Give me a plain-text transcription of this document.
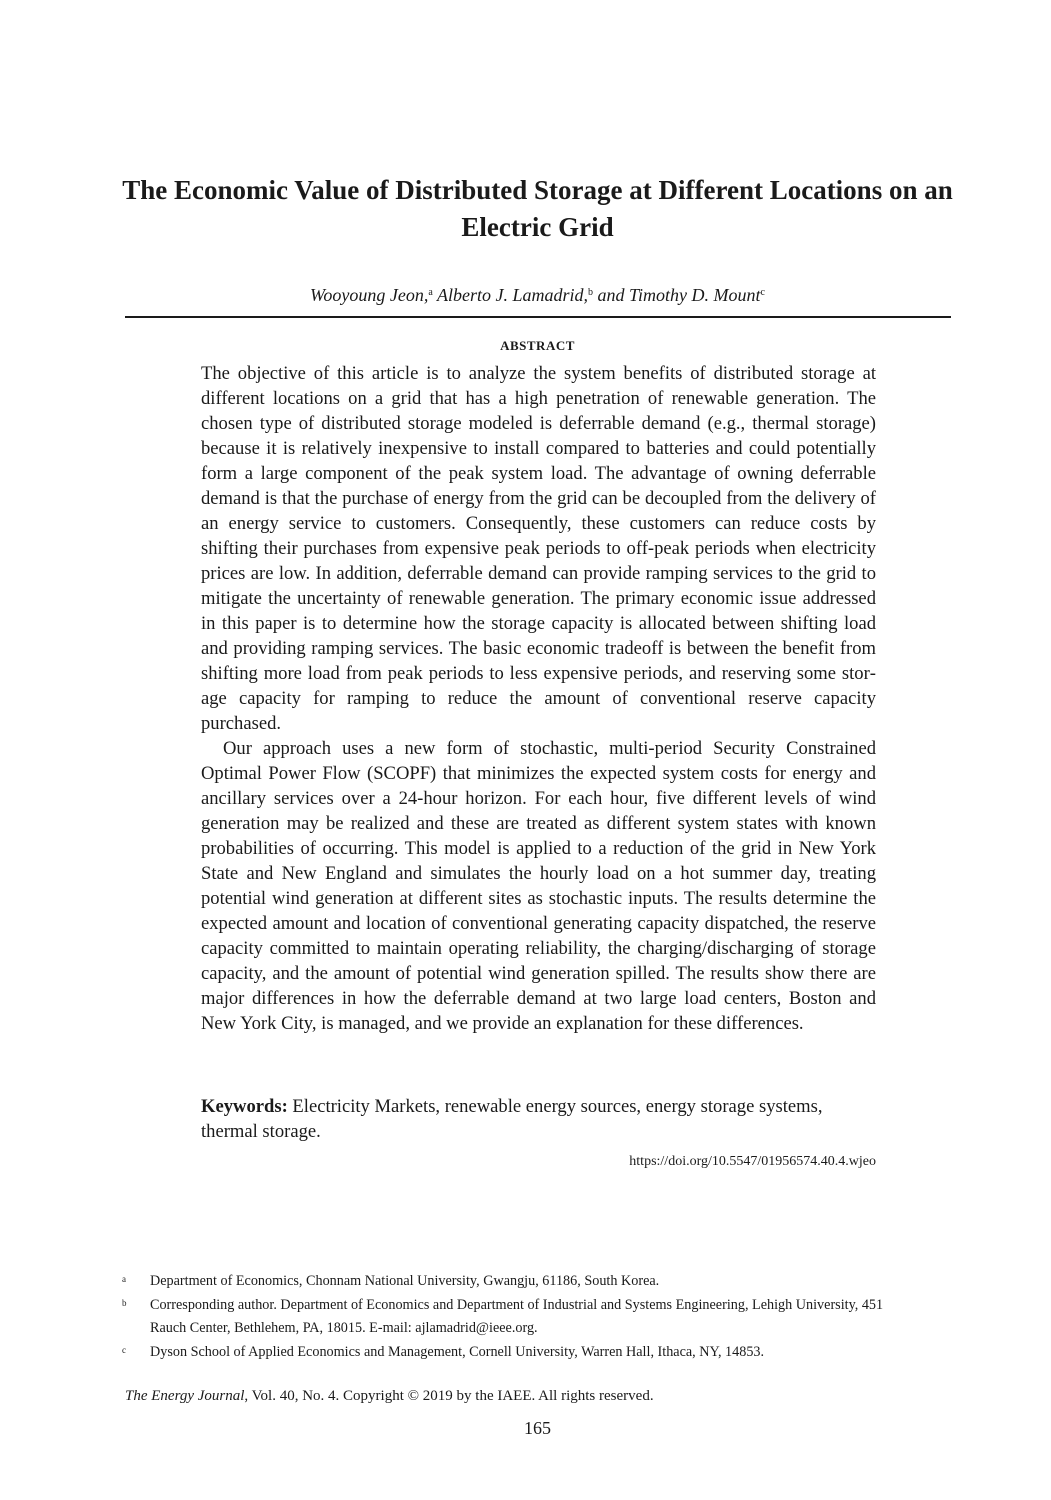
The Economic Value of Distributed Storage at Different Locations on an Electric Grid
Wooyoung Jeon,$^a$ Alberto J. Lamadrid,$^b$ and Timothy D. Mount$^c$
ABSTRACT

The objective of this article is to analyze the system benefits of distributed storage at different locations on a grid that has a high penetration of renewable generation. The chosen type of distributed storage modeled is deferrable demand (e.g., thermal storage) because it is relatively inexpensive to install compared to batteries and could potentially form a large component of the peak system load. The advantage of owning deferrable demand is that the purchase of energy from the grid can be decoupled from the delivery of an energy service to customers. Consequently, these customers can reduce costs by shifting their purchases from expensive peak periods to off-peak periods when electricity prices are low. In addition, deferrable demand can provide ramping services to the grid to mitigate the uncertainty of renewable generation. The primary economic issue addressed in this paper is to determine how the storage capacity is allocated between shifting load and providing ramping services. The basic economic tradeoff is between the benefit from shifting more load from peak periods to less expensive periods, and reserving some storage capacity for ramping to reduce the amount of conventional reserve capacity purchased.

Our approach uses a new form of stochastic, multi-period Security Constrained Optimal Power Flow (SCOPF) that minimizes the expected system costs for energy and ancillary services over a 24-hour horizon. For each hour, five different levels of wind generation may be realized and these are treated as different system states with known probabilities of occurring. This model is applied to a reduction of the grid in New York State and New England and simulates the hourly load on a hot summer day, treating potential wind generation at different sites as stochastic inputs. The results determine the expected amount and location of conventional generating capacity dispatched, the reserve capacity committed to maintain operating reliability, the charging/discharging of storage capacity, and the amount of potential wind generation spilled. The results show there are major differences in how the deferrable demand at two large load centers, Boston and New York City, is managed, and we provide an explanation for these differences.

Keywords: Electricity Markets, renewable energy sources, energy storage systems, thermal storage.
https://doi.org/10.5547/01956574.40.4.wjeo
a Department of Economics, Chonnam National University, Gwangju, 61186, South Korea.
b Corresponding author. Department of Economics and Department of Industrial and Systems Engineering, Lehigh University, 451 Rauch Center, Bethlehem, PA, 18015. E-mail: ajlamadrid@ieee.org.
c Dyson School of Applied Economics and Management, Cornell University, Warren Hall, Ithaca, NY, 14853.
The Energy Journal, Vol. 40, No. 4. Copyright © 2019 by the IAEE. All rights reserved.
165
